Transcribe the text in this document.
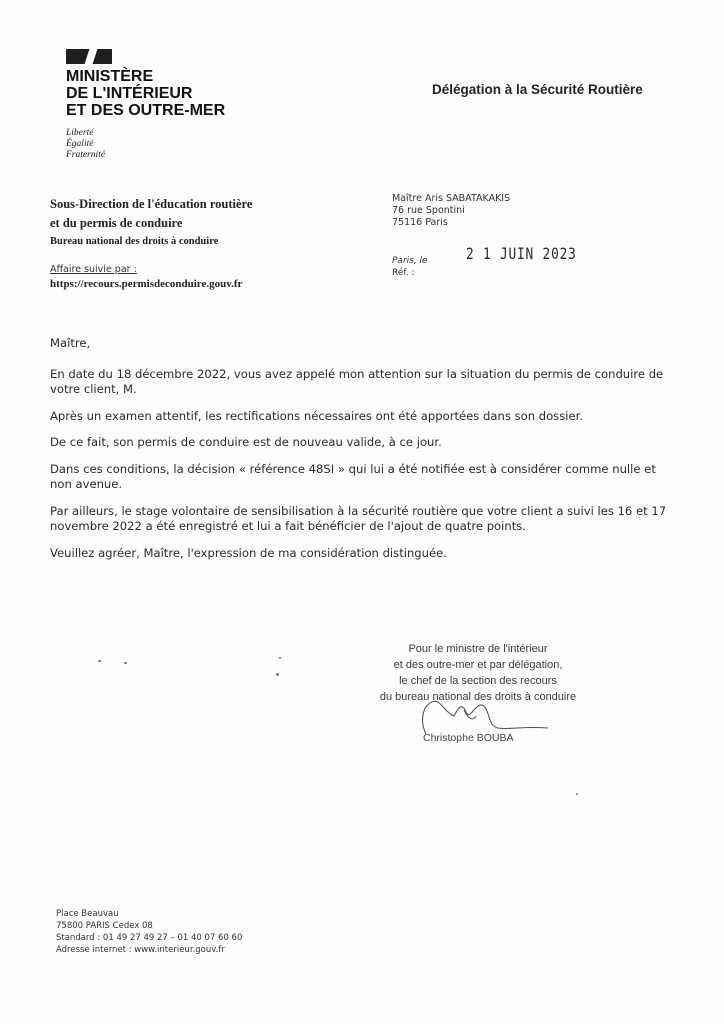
MINISTÈRE
DE L'INTÉRIEUR
ET DES OUTRE-MER
Liberté
Égalité
Fraternité
Délégation à la Sécurité Routière
Sous-Direction de l'éducation routière
et du permis de conduire
Bureau national des droits à conduire
Affaire suivie par :
https://recours.permisdeconduire.gouv.fr
Maître Aris SABATAKAKIS
76 rue Spontini
75116 Paris
Paris, le 2 1 JUIN 2023
Réf. :

Maître,

En date du 18 décembre 2022, vous avez appelé mon attention sur la situation du permis de conduire de votre client, M.

Après un examen attentif, les rectifications nécessaires ont été apportées dans son dossier.

De ce fait, son permis de conduire est de nouveau valide, à ce jour.

Dans ces conditions, la décision « référence 48SI » qui lui a été notifiée est à considérer comme nulle et non avenue.

Par ailleurs, le stage volontaire de sensibilisation à la sécurité routière que votre client a suivi les 16 et 17 novembre 2022 a été enregistré et lui a fait bénéficier de l'ajout de quatre points.

Veuillez agréer, Maître, l'expression de ma considération distinguée.

Pour le ministre de l'intérieur
et des outre-mer et par délégation,
le chef de la section des recours
du bureau national des droits à conduire
Christophe BOUBA
Place Beauvau
75800 PARIS Cedex 08
Standard : 01 49 27 49 27 – 01 40 07 60 60
Adresse internet : www.interieur.gouv.fr
